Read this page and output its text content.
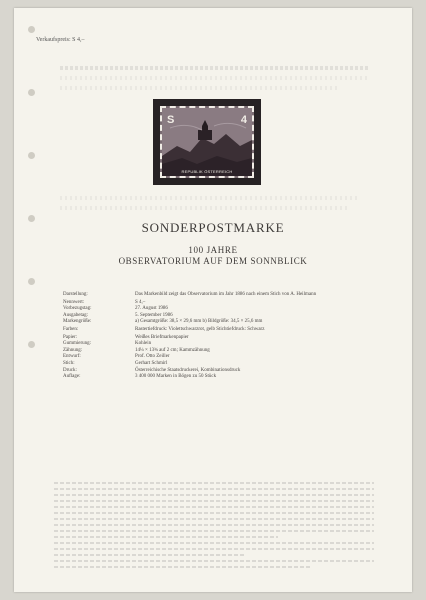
Verkaufspreis: S 4,–
S	4
REPUBLIK ÖSTERREICH
SONDERPOSTMARKE
100 JAHRE
OBSERVATORIUM AUF DEM SONNBLICK
Darstellung:	Das Markenbild zeigt das Observatorium im Jahr 1886 nach einem Stich von A. Heilmann
Nennwert:	S 4,–
Vorbezugstag:	27. August 1986
Ausgabetag:	5. September 1986
Markengröße:	a) Gesamtgröße: 38,5 × 29,6 mm b) Bildgröße: 34,5 × 25,6 mm
Farben:	Rastertiefdruck: Violettschwarzrot, gelb Stichtiefdruck: Schwarz
Papier:	Weißes Briefmarkenpapier
Gummierung:	Kohlein
Zähnung:	14¼ × 13¾ auf 2 cm; Kammzähnung
Entwurf:	Prof. Otto Zeiller
Stich:	Gerhart Schmirl
Druck:	Österreichische Staatsdruckerei, Kombinationsdruck
Auflage:	3 400 000 Marken in Bögen zu 50 Stück
